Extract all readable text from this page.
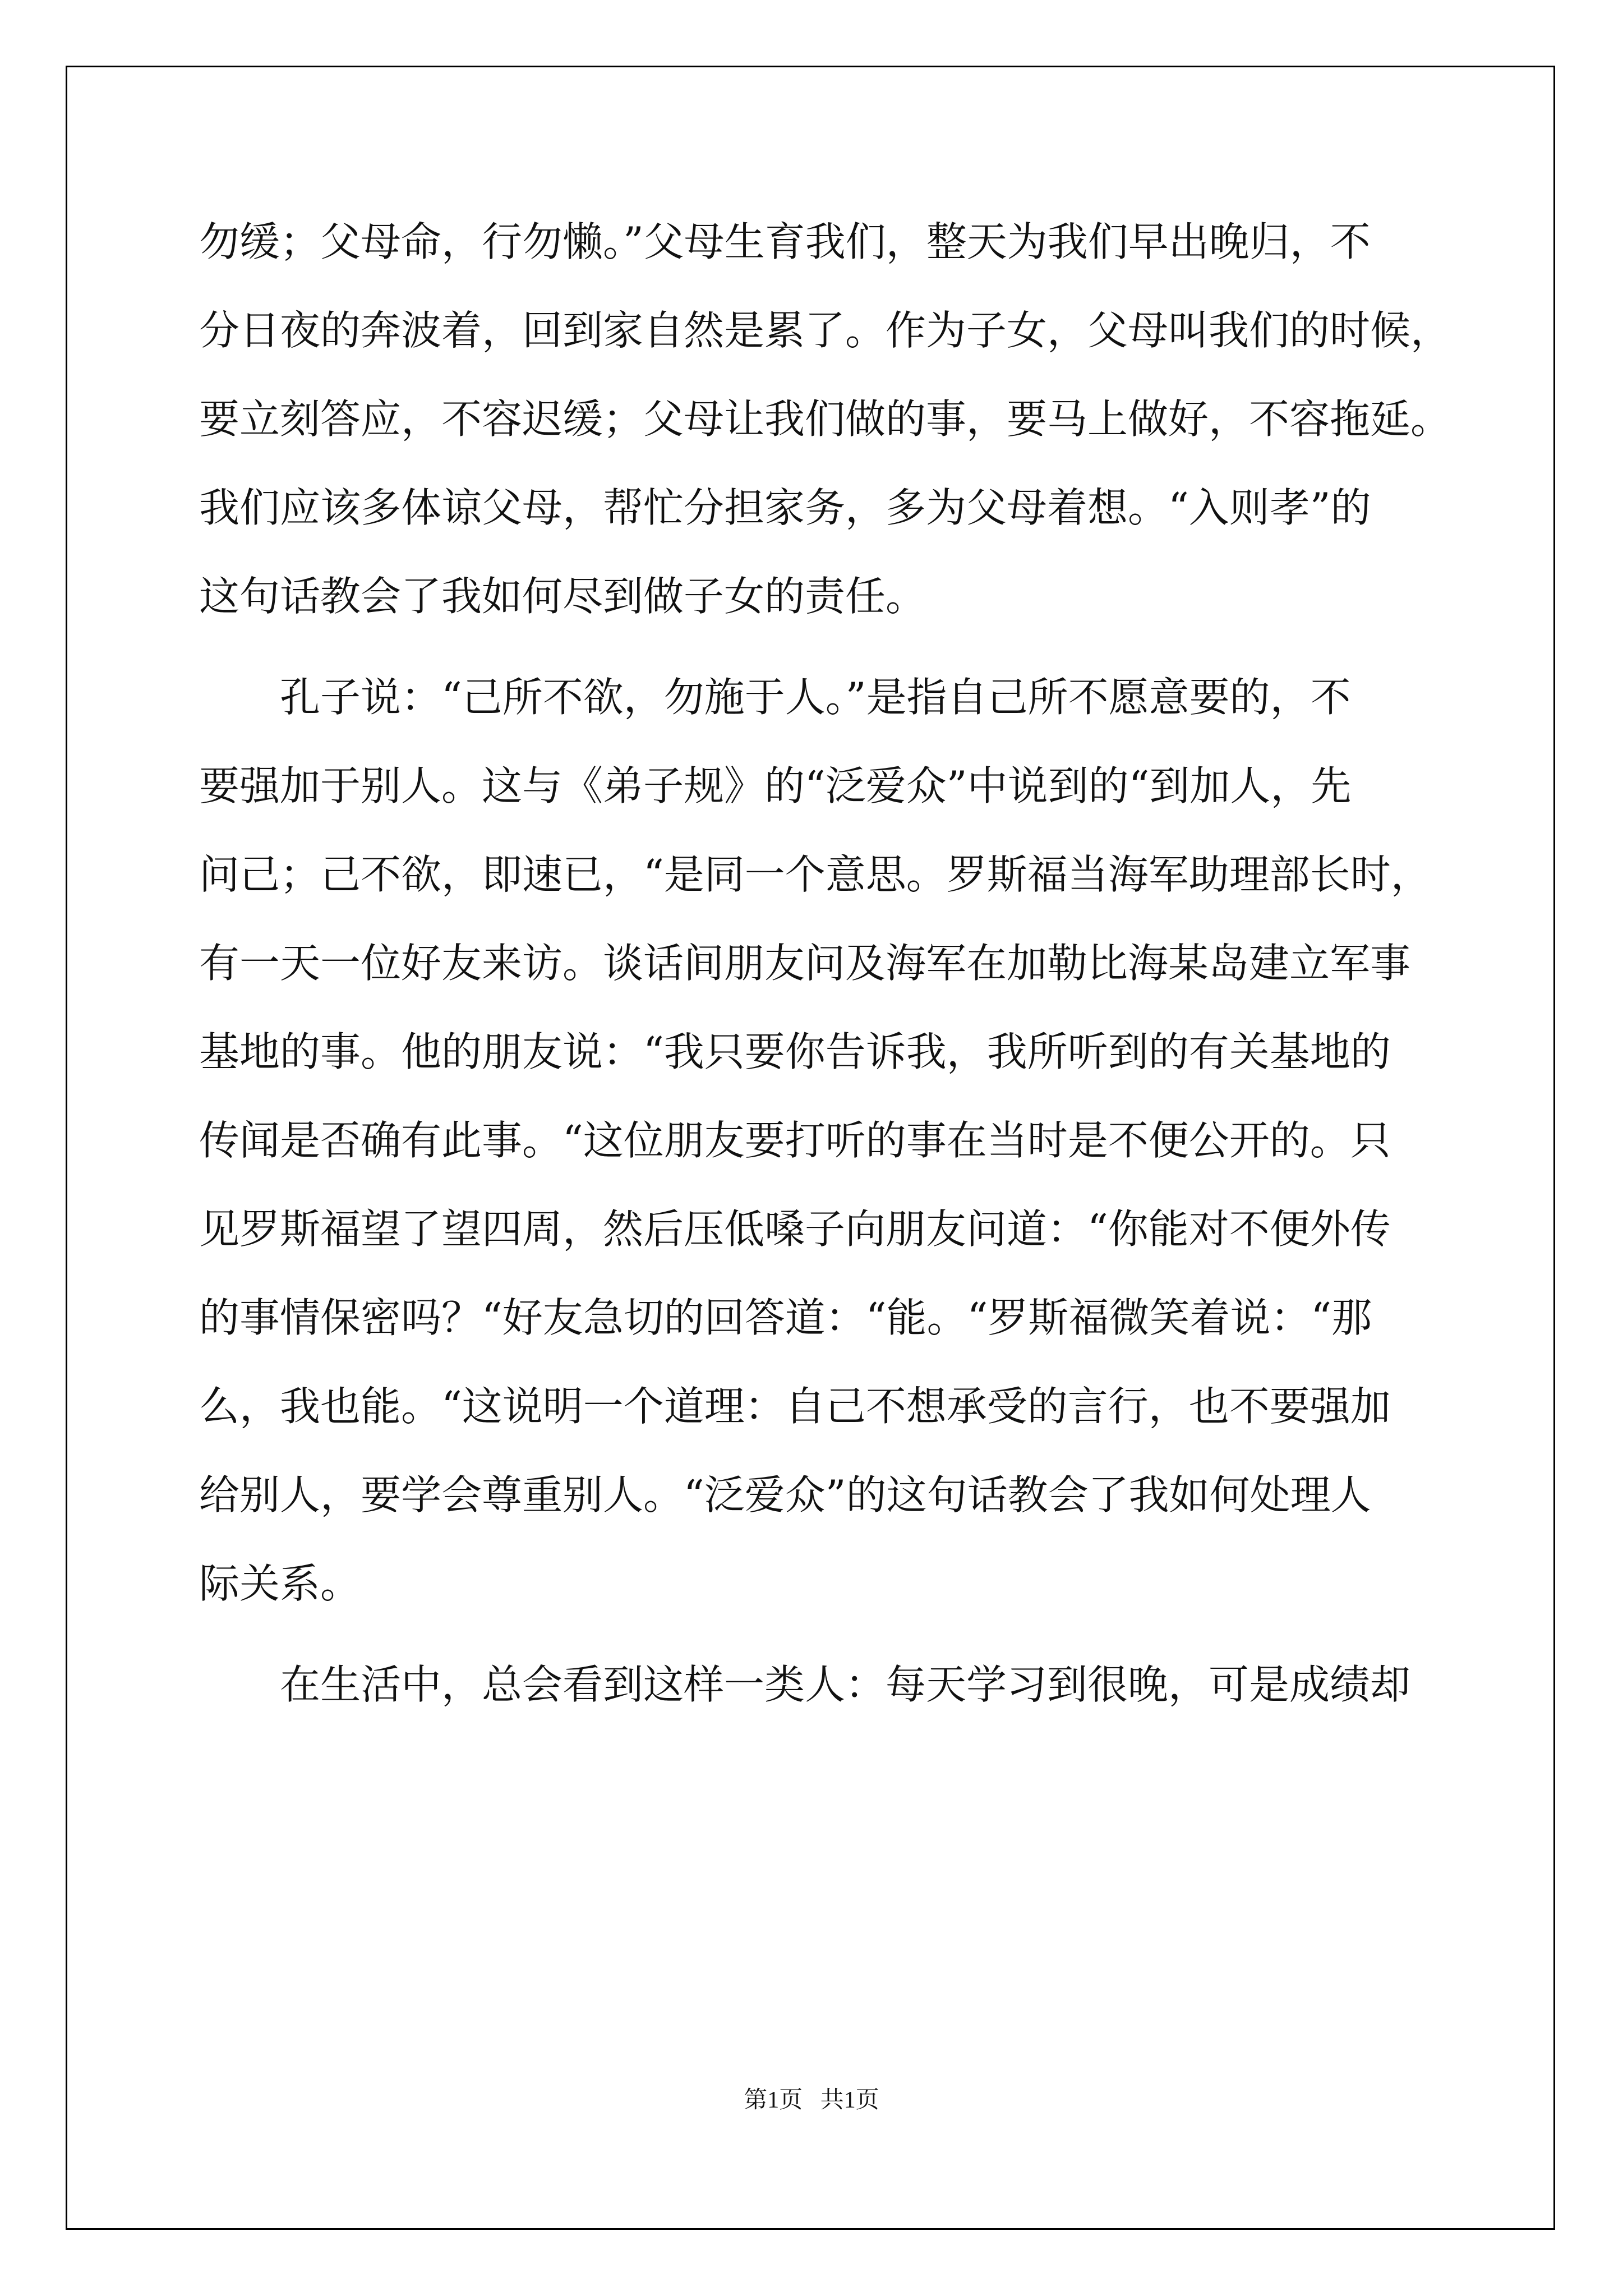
勿缓；父母命，行勿懒。”父母生育我们，整天为我们早出晚归，不
分日夜的奔波着，回到家自然是累了。作为子女，父母叫我们的时候，
要立刻答应，不容迟缓；父母让我们做的事，要马上做好，不容拖延。
我们应该多体谅父母，帮忙分担家务，多为父母着想。“入则孝”的
这句话教会了我如何尽到做子女的责任。
　　孔子说：“己所不欲，勿施于人。”是指自己所不愿意要的，不
要强加于别人。这与《弟子规》的“泛爱众”中说到的“到加人，先
问己；己不欲，即速已，“是同一个意思。罗斯福当海军助理部长时，
有一天一位好友来访。谈话间朋友问及海军在加勒比海某岛建立军事
基地的事。他的朋友说：“我只要你告诉我，我所听到的有关基地的
传闻是否确有此事。“这位朋友要打听的事在当时是不便公开的。只
见罗斯福望了望四周，然后压低嗓子向朋友问道：“你能对不便外传
的事情保密吗？“好友急切的回答道：“能。“罗斯福微笑着说：“那
么，我也能。“这说明一个道理：自己不想承受的言行，也不要强加
给别人，要学会尊重别人。“泛爱众”的这句话教会了我如何处理人
际关系。
　　在生活中，总会看到这样一类人：每天学习到很晚，可是成绩却
第1页   共1页
